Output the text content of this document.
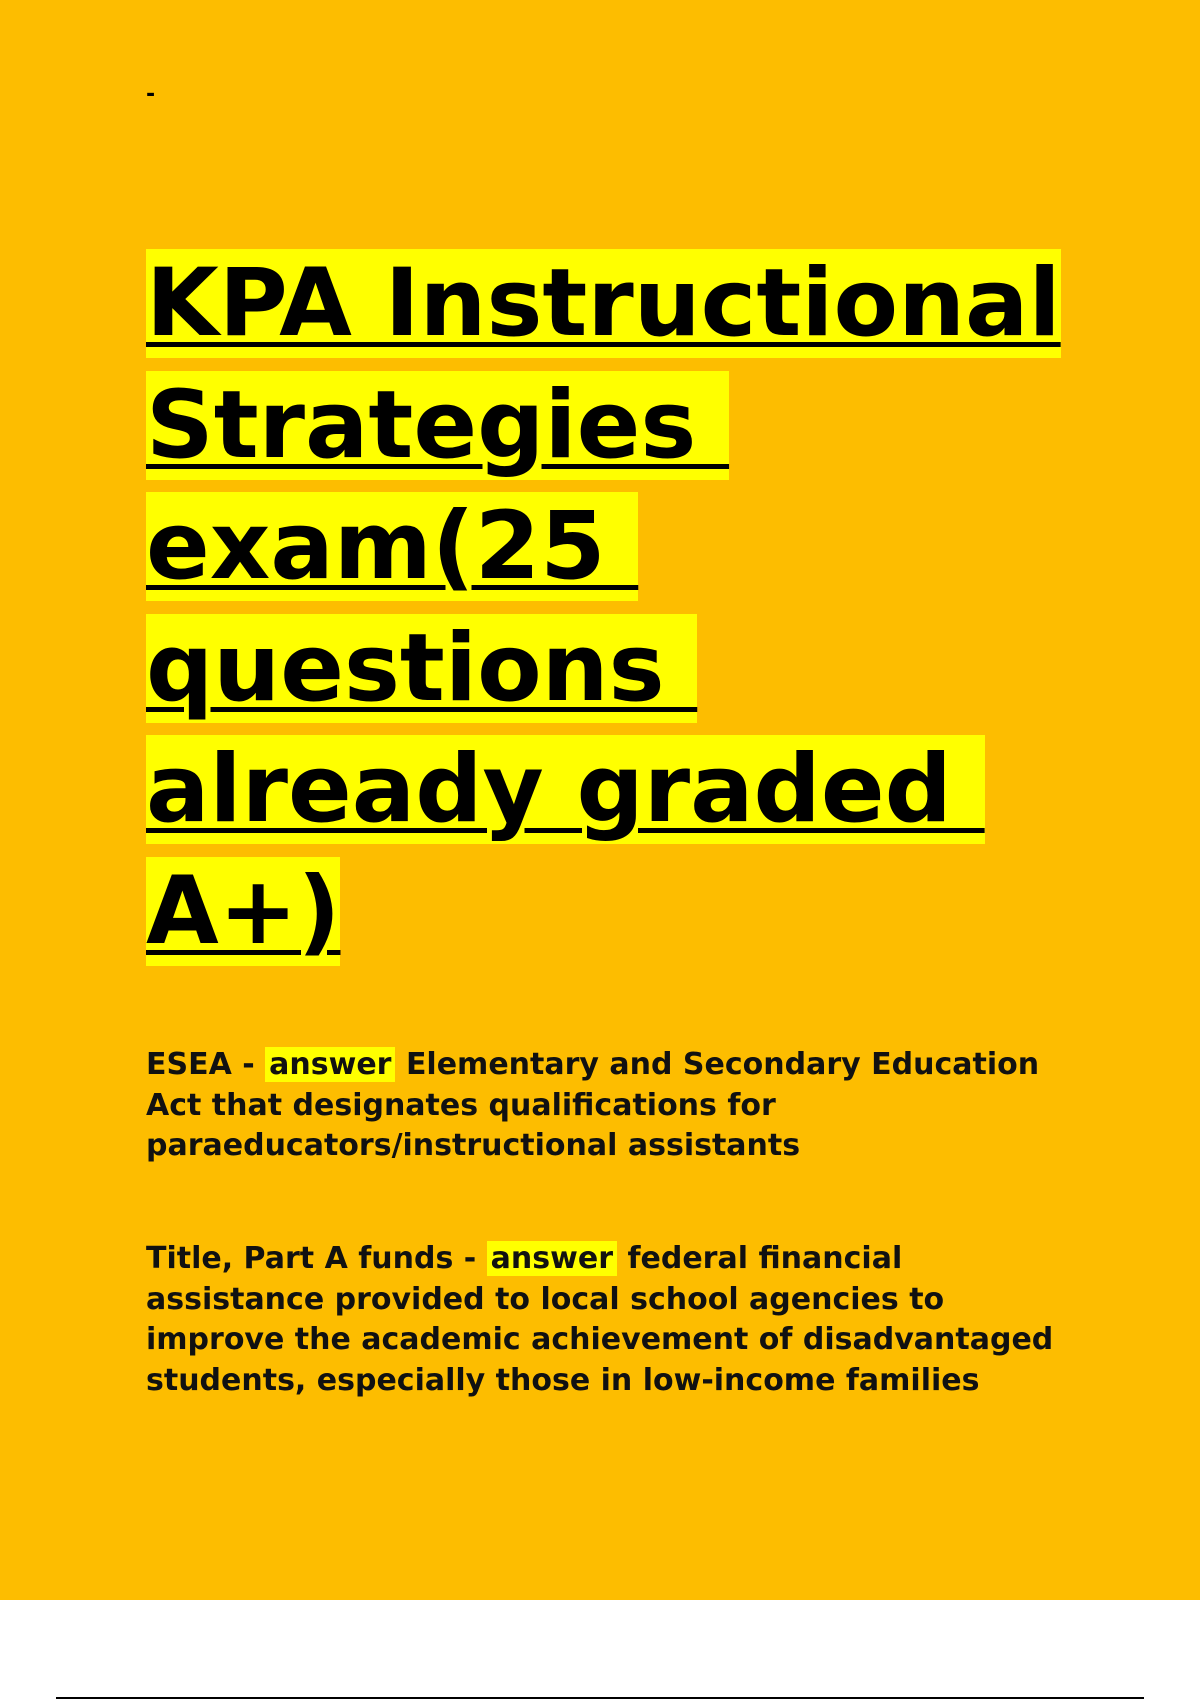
-
KPA Instructional
Strategies
exam(25
questions
already graded
A+)

ESEA - answer Elementary and Secondary Education Act that designates qualifications for paraeducators/instructional assistants

Title, Part A funds - answer federal financial assistance provided to local school agencies to improve the academic achievement of disadvantaged students, especially those in low-income families
